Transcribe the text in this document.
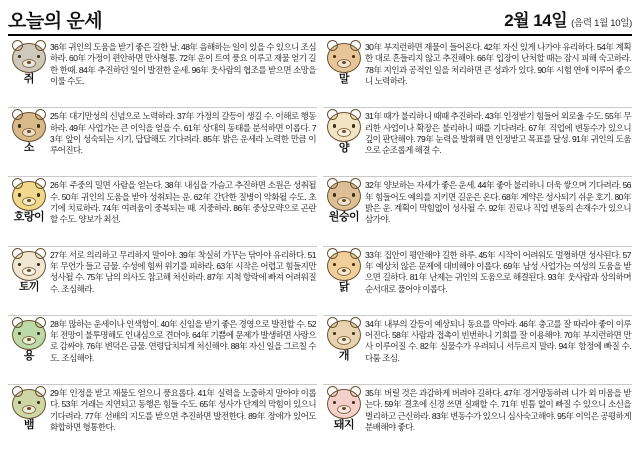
오늘의 운세	2월 14일 (음력 1월 10일)
쥐
36年 귀인의 도움을 받기 좋은 길한 날. 48年 음해하는 일이 있을 수 있으니 조심하라. 60年 가정이 편안하면 만사형통. 72年 운이 트여 풍요 이루고 재물 얻기 길한 한때. 84年 추진하던 일이 발전한 운세. 96年 웃사람의 협조를 받으면 소망을 이룰 수도.
소
25年 대기만성의 신념으로 노력하라. 37年 가정의 갈등이 생길 수. 이해로 행동하라. 49年 사업가는 큰 이익을 얻을 수. 61年 상대의 동태를 분석하면 이롭다. 73年 앞이 성숙되는 시기, 답답해도 기다려라. 85年 밝은 운세라 노력한 만큼 이루어진다.
호랑이
26年 주중의 밀면 사람을 얻는다. 38年 내심을 가슴고 추진하면 소원은 성취될 수. 50年 귀인의 도움을 받아 성취되는 운. 62年 간단한 질병이 악화될 수도. 초기에 치료하라. 74年 여려움이 중복되는 때. 지중하라. 86年 중상모략으로 곤란할 수도. 양보가 최선.
토끼
27年 서로 의리하고 무리하지 말아야. 39年 착실히 가꾸는 닦아야 유리하다. 51年 무언가 들고 금물. 수성에 힘써 위기를 피하라. 63年 시작은 어렵고 힘들지만 성사될 수. 75年 남의 의사도 참고해 처신하라. 87年 지척 항락에 빠져 어려워질 수. 조심해라.
용
28年 많하는 운세이나 인색함이. 40年 신임을 받기 좋은 경영으로 발전할 수. 52年 전망이 불투명해도 인내심으로 견뎌야. 64年 기쁨에 문제가 발생하면 사랑으로 감싸야. 76年 변덕은 금물. 연령답치되게 처신해야. 88年 자신 일을 그르칠 수도. 조심해야.
뱀
29年 인정을 받고 재물도 얻으니 풍요롭다. 41年 실력을 노출하지 말아야 이롭다. 53年 거래는 지연되고 동행은 힘들 수도. 65年 성사가 단계의 막힘이 있으니 기다려라. 77年 선배의 지도를 받으면 추진하면 발전한다. 89年 장애가 있어도 화합하면 형통한다.
말
30年 부지런하면 재물이 들어온다. 42年 자신 있게 나가야 유리하다. 54年 계획한 대로 흔들리지 않고 추진해야. 66年 입장이 난처할 때는 잠시 피해 숙고하라. 78年 지인과 공적인 일을 처리하면 큰 성과가 있다. 90年 시험 연애 이루어 좋으니 노력하라.
양
31年 때가 불리하니 때때 추진하라. 43年 인정받기 힘들어 외로울 수도. 55年 무리한 사업이나 확장은 불리하니 때를 기다려라. 67年 직업에 변동수가 있으니 깊이 판단해야. 79年 눈력을 발휘해 면 인정받고 목표를 달성. 91年 귀인의 도움으로 순조롭게 해결 수.
원숭이
32年 양보하는 자세가 좋은 운세. 44年 좋아 불리하니 더욱 쌓으며 기다려라. 56年 힘들어도 예의를 지키면 길운은 온다. 68年 계약은 성사되기 쉬운 호기. 80年 밝은 운. 계획이 막힘없이 성사될 수. 92年 진료나 직업 변동의 손재수가 있으니 삼가야.
닭
33年 집안이 평안해야 길한 하루. 45年 시작이 어려워도 멀쩡하면 성사된다. 57年 예상치 않은 문제에 대비해야 이롭다. 69年 남성 사업가는 여성의 도움을 받으면 길하다. 81年 난제는 귀인의 도움으로 해결된다. 93年 웃사람과 상의하며 순서대로 풀어야 이롭다.
개
34年 내부의 갈등이 예상되니 동요를 막아라. 46年 충고를 잘 따라야 좋이 이루어진다. 58年 사람과 접촉이 빈번하니 기회를 잘 이용해야. 70年 부지런하면 만사 이루어질 수. 82年 실물수가 우려되니 서두르지 말라. 94年 함정에 빠질 수. 다툼 조심.
돼지
35年 버릴 것은 과감하게 버려야 길하다. 47年 경거망동하려 니가 외 미움을 받는다. 59年 결초에 신경 쓰면 실패할 수. 71年 빈틈 없이 빠질 수 있으니 소신을 벌리하고 근신하라. 83年 변동수가 있으니 심사숙고해야. 95年 이익은 공평하게 분배해야 좋다.
